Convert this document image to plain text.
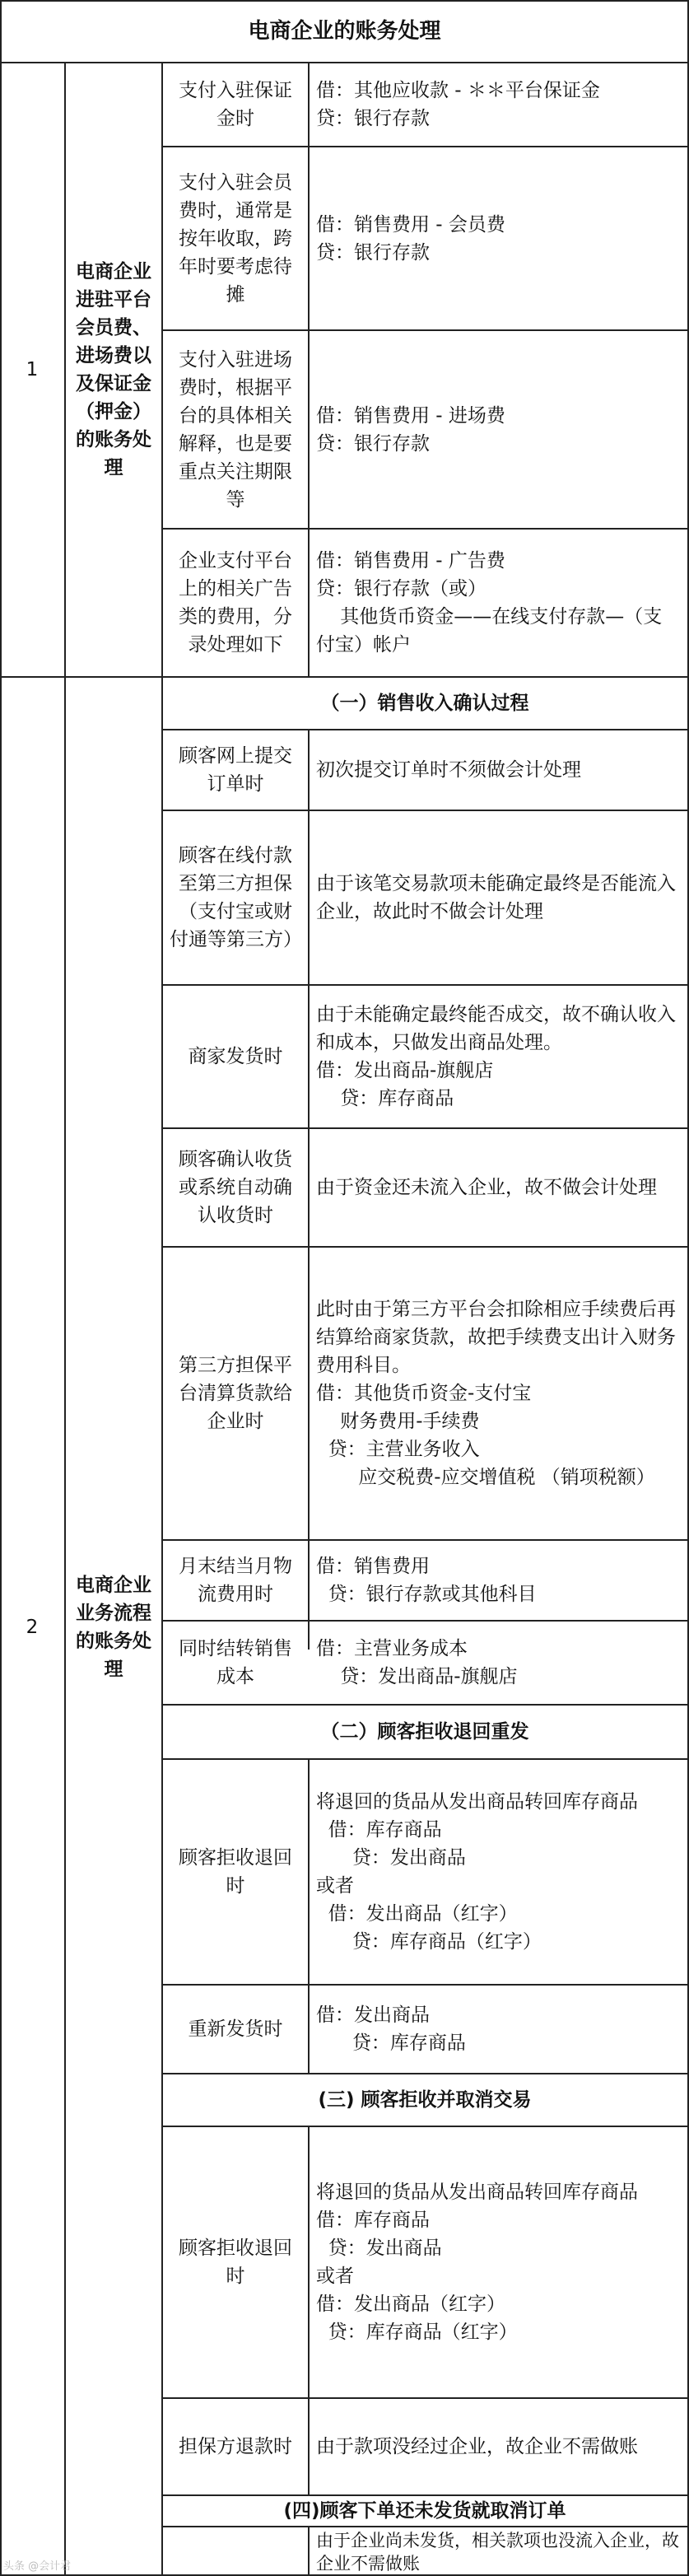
电商企业的账务处理
1
电商企业进驻平台会员费、进场费以及保证金（押金）的账务处理
支付入驻保证金时
借：其他应收款 - ＊＊平台保证金
贷：银行存款
支付入驻会员费时，通常是按年收取，跨年时要考虑待摊
借：销售费用 - 会员费
贷：银行存款
支付入驻进场费时，根据平台的具体相关解释，也是要重点关注期限等
借：销售费用 - 进场费
贷：银行存款
企业支付平台上的相关广告类的费用，分录处理如下
借：销售费用 - 广告费
贷：银行存款（或）
其他货币资金——在线支付存款—（支付宝）帐户
2
电商企业业务流程的账务处理
（一）销售收入确认过程
顾客网上提交订单时
初次提交订单时不须做会计处理
顾客在线付款至第三方担保（支付宝或财付通等第三方）
由于该笔交易款项未能确定最终是否能流入企业，故此时不做会计处理
商家发货时
由于未能确定最终能否成交，故不确认收入和成本，只做发出商品处理。
借：发出商品-旗舰店
贷：库存商品
顾客确认收货或系统自动确认收货时
由于资金还未流入企业，故不做会计处理
第三方担保平台清算货款给企业时
此时由于第三方平台会扣除相应手续费后再结算给商家货款，故把手续费支出计入财务费用科目。
借：其他货币资金-支付宝
财务费用-手续费
贷：主营业务收入
应交税费-应交增值税 （销项税额）
月末结当月物流费用时
借：销售费用
贷：银行存款或其他科目
同时结转销售成本
借：主营业务成本
贷：发出商品-旗舰店
（二）顾客拒收退回重发
顾客拒收退回时
将退回的货品从发出商品转回库存商品
借：库存商品
贷：发出商品
或者
借：发出商品（红字）
贷：库存商品（红字）
重新发货时
借：发出商品
贷：库存商品
(三) 顾客拒收并取消交易
顾客拒收退回时
将退回的货品从发出商品转回库存商品
借：库存商品
贷：发出商品
或者
借：发出商品（红字）
贷：库存商品（红字）
担保方退款时	由于款项没经过企业，故企业不需做账
(四)顾客下单还未发货就取消订单
由于企业尚未发货，相关款项也没流入企业，故企业不需做账
头条 @会计君
